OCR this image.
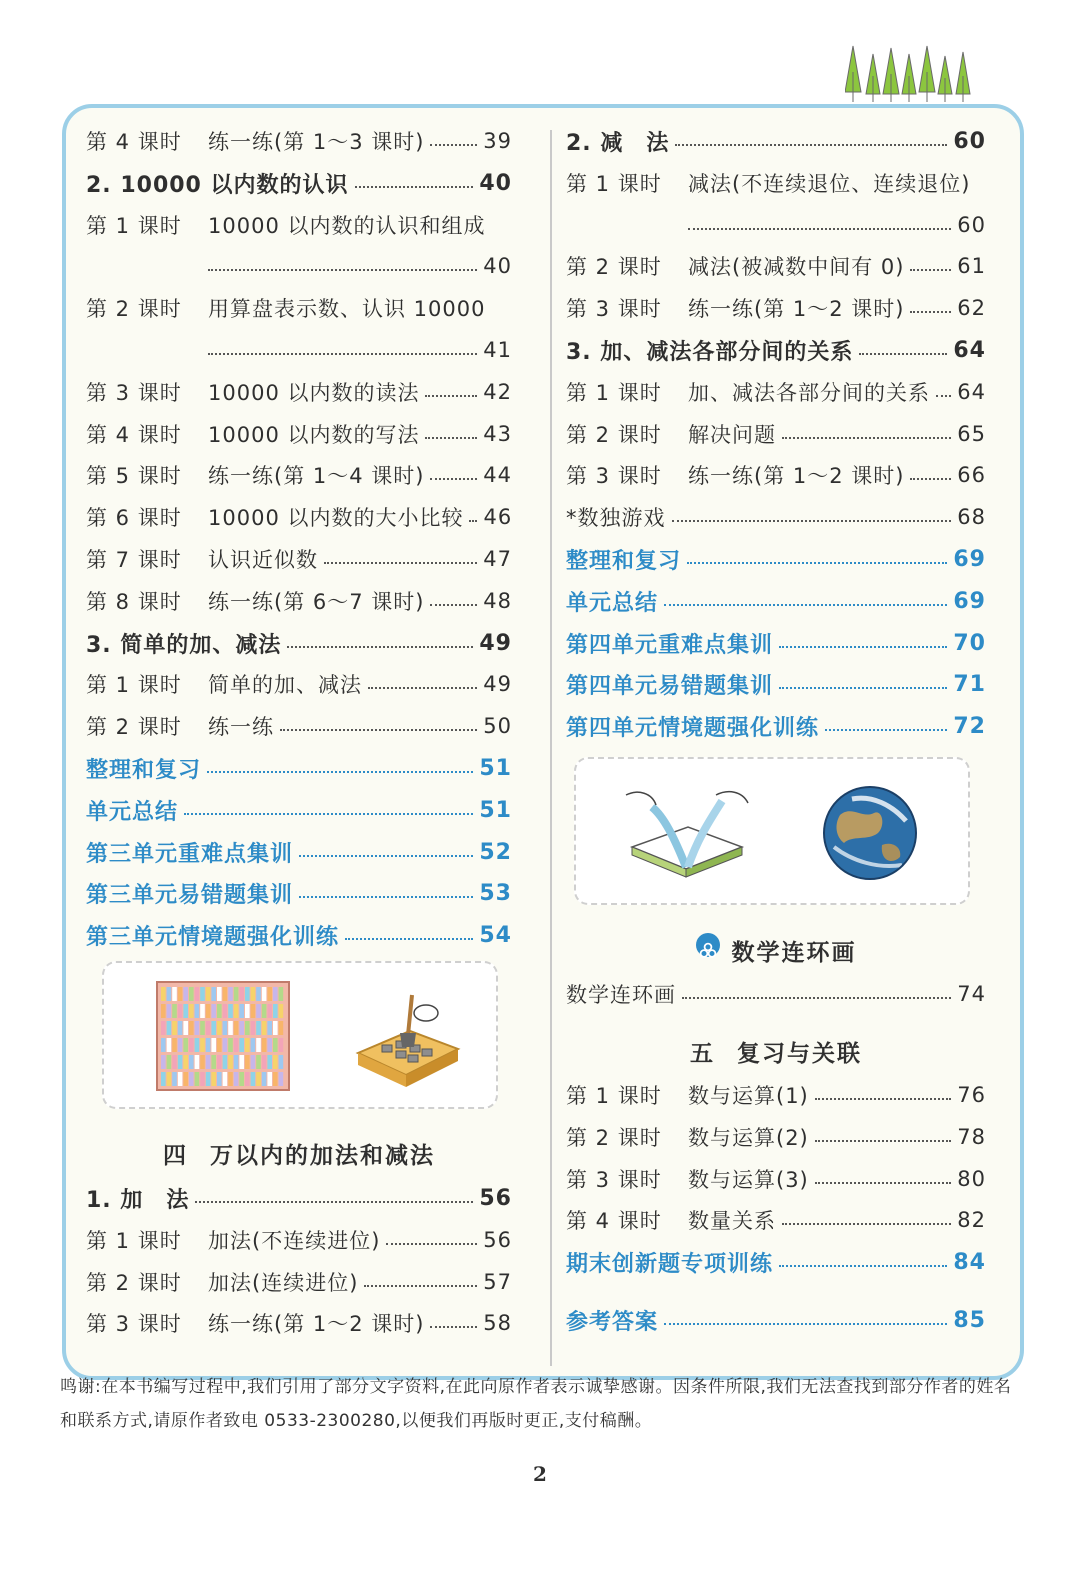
第 4 课时	练一练(第 1～3 课时)	39
2. 10000 以内数的认识	40
第 1 课时	10000 以内数的认识和组成
40
第 2 课时	用算盘表示数、认识 10000
41
第 3 课时	10000 以内数的读法	42
第 4 课时	10000 以内数的写法	43
第 5 课时	练一练(第 1～4 课时)	44
第 6 课时	10000 以内数的大小比较 46
第 7 课时	认识近似数	47
第 8 课时	练一练(第 6～7 课时)	48
3. 简单的加、减法	49
第 1 课时	简单的加、减法	49
第 2 课时	练一练	50
整理和复习	51
单元总结	51
第三单元重难点集训	52
第三单元易错题集训	53
第三单元情境题强化训练	54
四 万以内的加法和减法
1. 加　法	56
第 1 课时	加法(不连续进位)	56
第 2 课时	加法(连续进位)	57
第 3 课时	练一练(第 1～2 课时)	58
2. 减　法	60
第 1 课时	减法(不连续退位、连续退位)
60
第 2 课时	减法(被减数中间有 0)	61
第 3 课时	练一练(第 1～2 课时)	62
3. 加、减法各部分间的关系	64
第 1 课时	加、减法各部分间的关系 64
第 2 课时	解决问题	65
第 3 课时	练一练(第 1～2 课时)	66
*数独游戏	68
整理和复习	69
单元总结	69
第四单元重难点集训	70
第四单元易错题集训	71
第四单元情境题强化训练	72
数学连环画
数学连环画	74
五 复习与关联
第 1 课时	数与运算(1)	76
第 2 课时	数与运算(2)	78
第 3 课时	数与运算(3)	80
第 4 课时	数量关系	82
期末创新题专项训练	84
参考答案	85
鸣谢:在本书编写过程中,我们引用了部分文字资料,在此向原作者表示诚挚感谢。因条件所限,我们无法查找到部分作者的姓名和联系方式,请原作者致电 0533-2300280,以便我们再版时更正,支付稿酬。
2
